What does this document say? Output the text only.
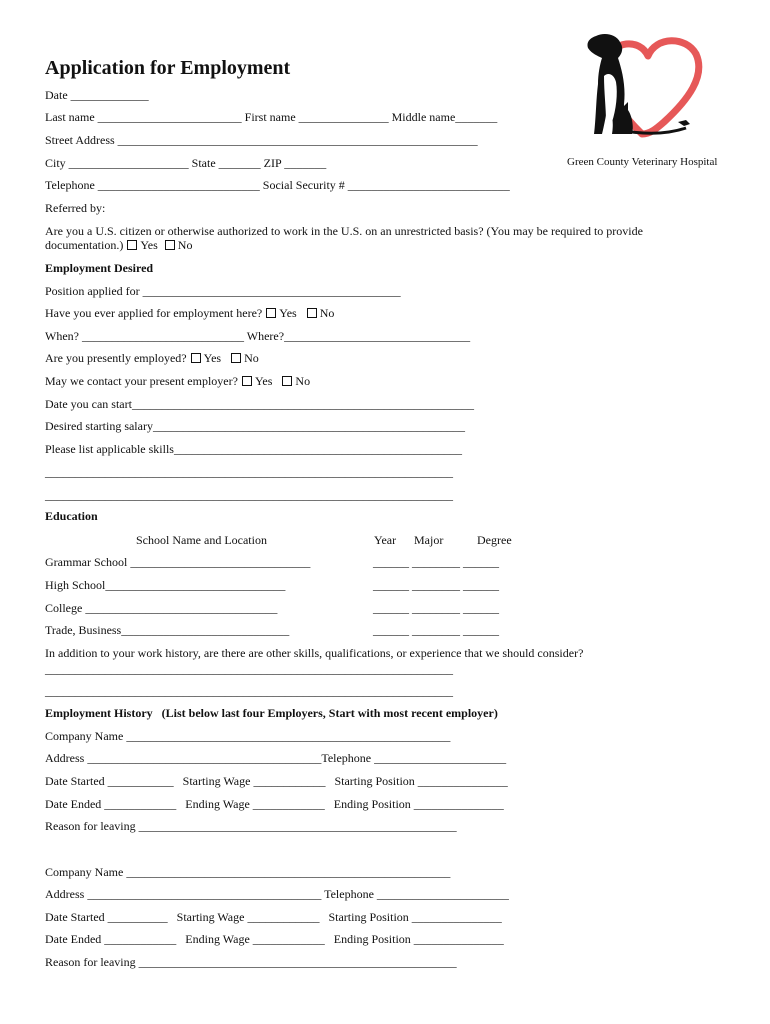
Application for Employment
Green County Veterinary Hospital
Date _____________
Last name ________________________ First name _______________ Middle name_______
Street Address ____________________________________________________________
City ____________________ State _______ ZIP _______
Telephone ___________________________ Social Security # ___________________________
Referred by:
Are you a U.S. citizen or otherwise authorized to work in the U.S. on an unrestricted basis? (You may be required to provide
documentation.) Yes No
Employment Desired
Position applied for ___________________________________________
Have you ever applied for employment here? Yes No
When? ___________________________ Where?_______________________________
Are you presently employed? Yes No
May we contact your present employer? Yes No
Date you can start_________________________________________________________
Desired starting salary____________________________________________________
Please list applicable skills________________________________________________
____________________________________________________________________
____________________________________________________________________
Education
School Name and Location	Year Major	Degree
Grammar School ______________________________	______ ________ ______
High School______________________________	______ ________ ______
College ________________________________	______ ________ ______
Trade, Business____________________________	______ ________ ______
In addition to your work history, are there are other skills, qualifications, or experience that we should consider?
____________________________________________________________________
____________________________________________________________________
Employment History   (List below last four Employers, Start with most recent employer)
Company Name ______________________________________________________
Address _______________________________________Telephone ______________________
Date Started ___________   Starting Wage ____________   Starting Position _______________
Date Ended ____________   Ending Wage ____________   Ending Position _______________
Reason for leaving _____________________________________________________
Company Name ______________________________________________________
Address _______________________________________ Telephone ______________________
Date Started __________   Starting Wage ____________   Starting Position _______________
Date Ended ____________   Ending Wage ____________   Ending Position _______________
Reason for leaving _____________________________________________________
